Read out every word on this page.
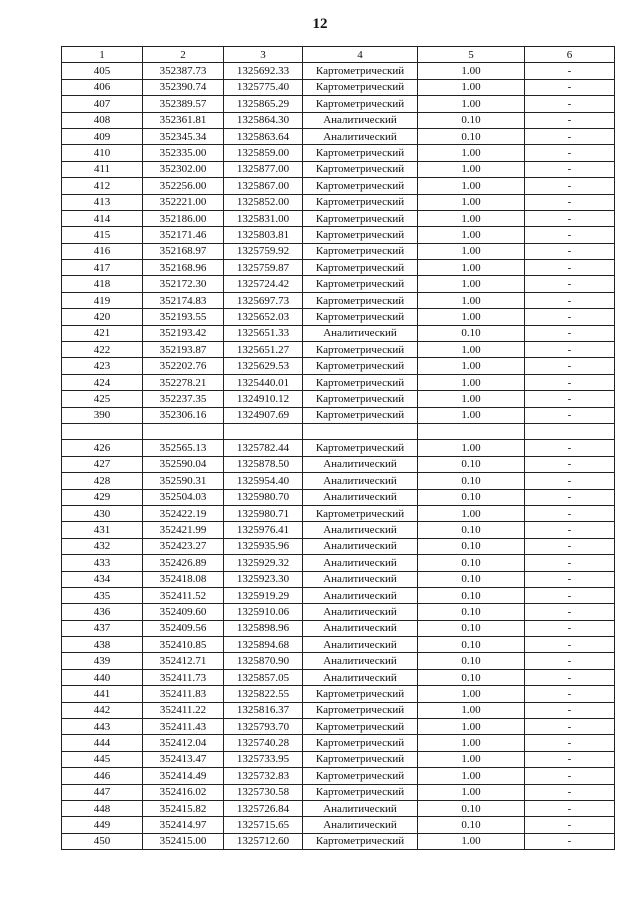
12
1	2	3	4	5	6
405	352387.73	1325692.33	Картометрический	1.00	-
406	352390.74	1325775.40	Картометрический	1.00	-
407	352389.57	1325865.29	Картометрический	1.00	-
408	352361.81	1325864.30	Аналитический	0.10	-
409	352345.34	1325863.64	Аналитический	0.10	-
410	352335.00	1325859.00	Картометрический	1.00	-
411	352302.00	1325877.00	Картометрический	1.00	-
412	352256.00	1325867.00	Картометрический	1.00	-
413	352221.00	1325852.00	Картометрический	1.00	-
414	352186.00	1325831.00	Картометрический	1.00	-
415	352171.46	1325803.81	Картометрический	1.00	-
416	352168.97	1325759.92	Картометрический	1.00	-
417	352168.96	1325759.87	Картометрический	1.00	-
418	352172.30	1325724.42	Картометрический	1.00	-
419	352174.83	1325697.73	Картометрический	1.00	-
420	352193.55	1325652.03	Картометрический	1.00	-
421	352193.42	1325651.33	Аналитический	0.10	-
422	352193.87	1325651.27	Картометрический	1.00	-
423	352202.76	1325629.53	Картометрический	1.00	-
424	352278.21	1325440.01	Картометрический	1.00	-
425	352237.35	1324910.12	Картометрический	1.00	-
390	352306.16	1324907.69	Картометрический	1.00	-

426	352565.13	1325782.44	Картометрический	1.00	-
427	352590.04	1325878.50	Аналитический	0.10	-
428	352590.31	1325954.40	Аналитический	0.10	-
429	352504.03	1325980.70	Аналитический	0.10	-
430	352422.19	1325980.71	Картометрический	1.00	-
431	352421.99	1325976.41	Аналитический	0.10	-
432	352423.27	1325935.96	Аналитический	0.10	-
433	352426.89	1325929.32	Аналитический	0.10	-
434	352418.08	1325923.30	Аналитический	0.10	-
435	352411.52	1325919.29	Аналитический	0.10	-
436	352409.60	1325910.06	Аналитический	0.10	-
437	352409.56	1325898.96	Аналитический	0.10	-
438	352410.85	1325894.68	Аналитический	0.10	-
439	352412.71	1325870.90	Аналитический	0.10	-
440	352411.73	1325857.05	Аналитический	0.10	-
441	352411.83	1325822.55	Картометрический	1.00	-
442	352411.22	1325816.37	Картометрический	1.00	-
443	352411.43	1325793.70	Картометрический	1.00	-
444	352412.04	1325740.28	Картометрический	1.00	-
445	352413.47	1325733.95	Картометрический	1.00	-
446	352414.49	1325732.83	Картометрический	1.00	-
447	352416.02	1325730.58	Картометрический	1.00	-
448	352415.82	1325726.84	Аналитический	0.10	-
449	352414.97	1325715.65	Аналитический	0.10	-
450	352415.00	1325712.60	Картометрический	1.00	-
